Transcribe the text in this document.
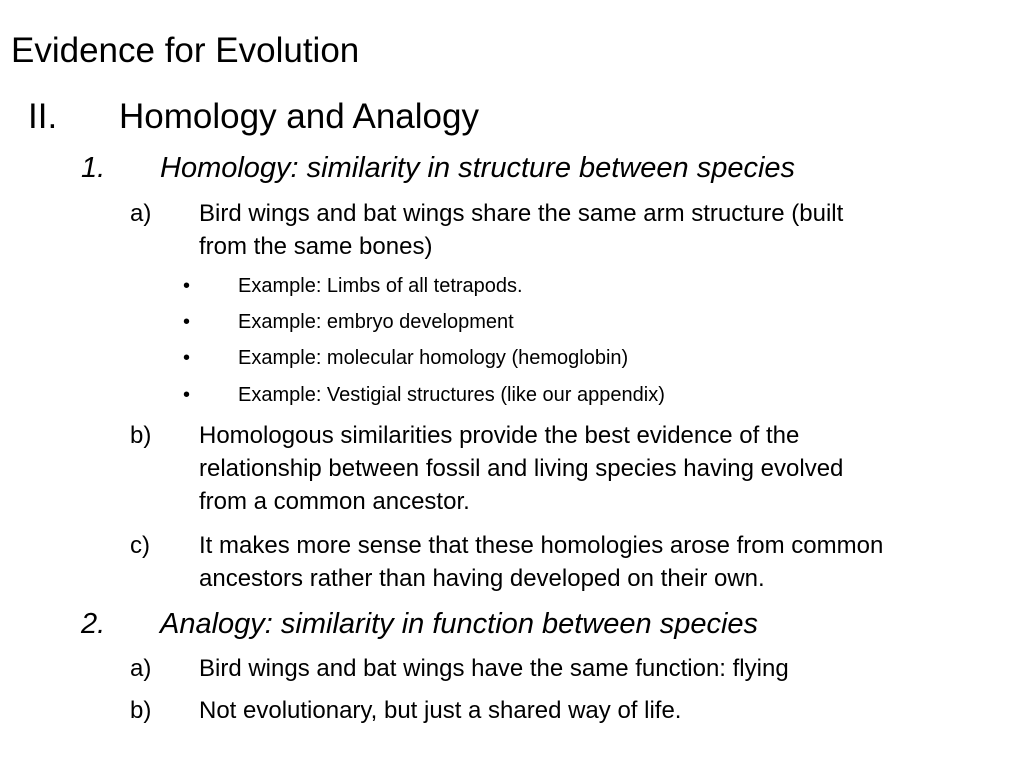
Evidence for Evolution
II. Homology and Analogy
1. Homology: similarity in structure between species
a) Bird wings and bat wings share the same arm structure (built
from the same bones)
• Example: Limbs of all tetrapods.
• Example: embryo development
• Example: molecular homology (hemoglobin)
• Example: Vestigial structures (like our appendix)
b) Homologous similarities provide the best evidence of the
relationship between fossil and living species having evolved
from a common ancestor.
c) It makes more sense that these homologies arose from common
ancestors rather than having developed on their own.
2. Analogy: similarity in function between species
a) Bird wings and bat wings have the same function: flying
b) Not evolutionary, but just a shared way of life.
